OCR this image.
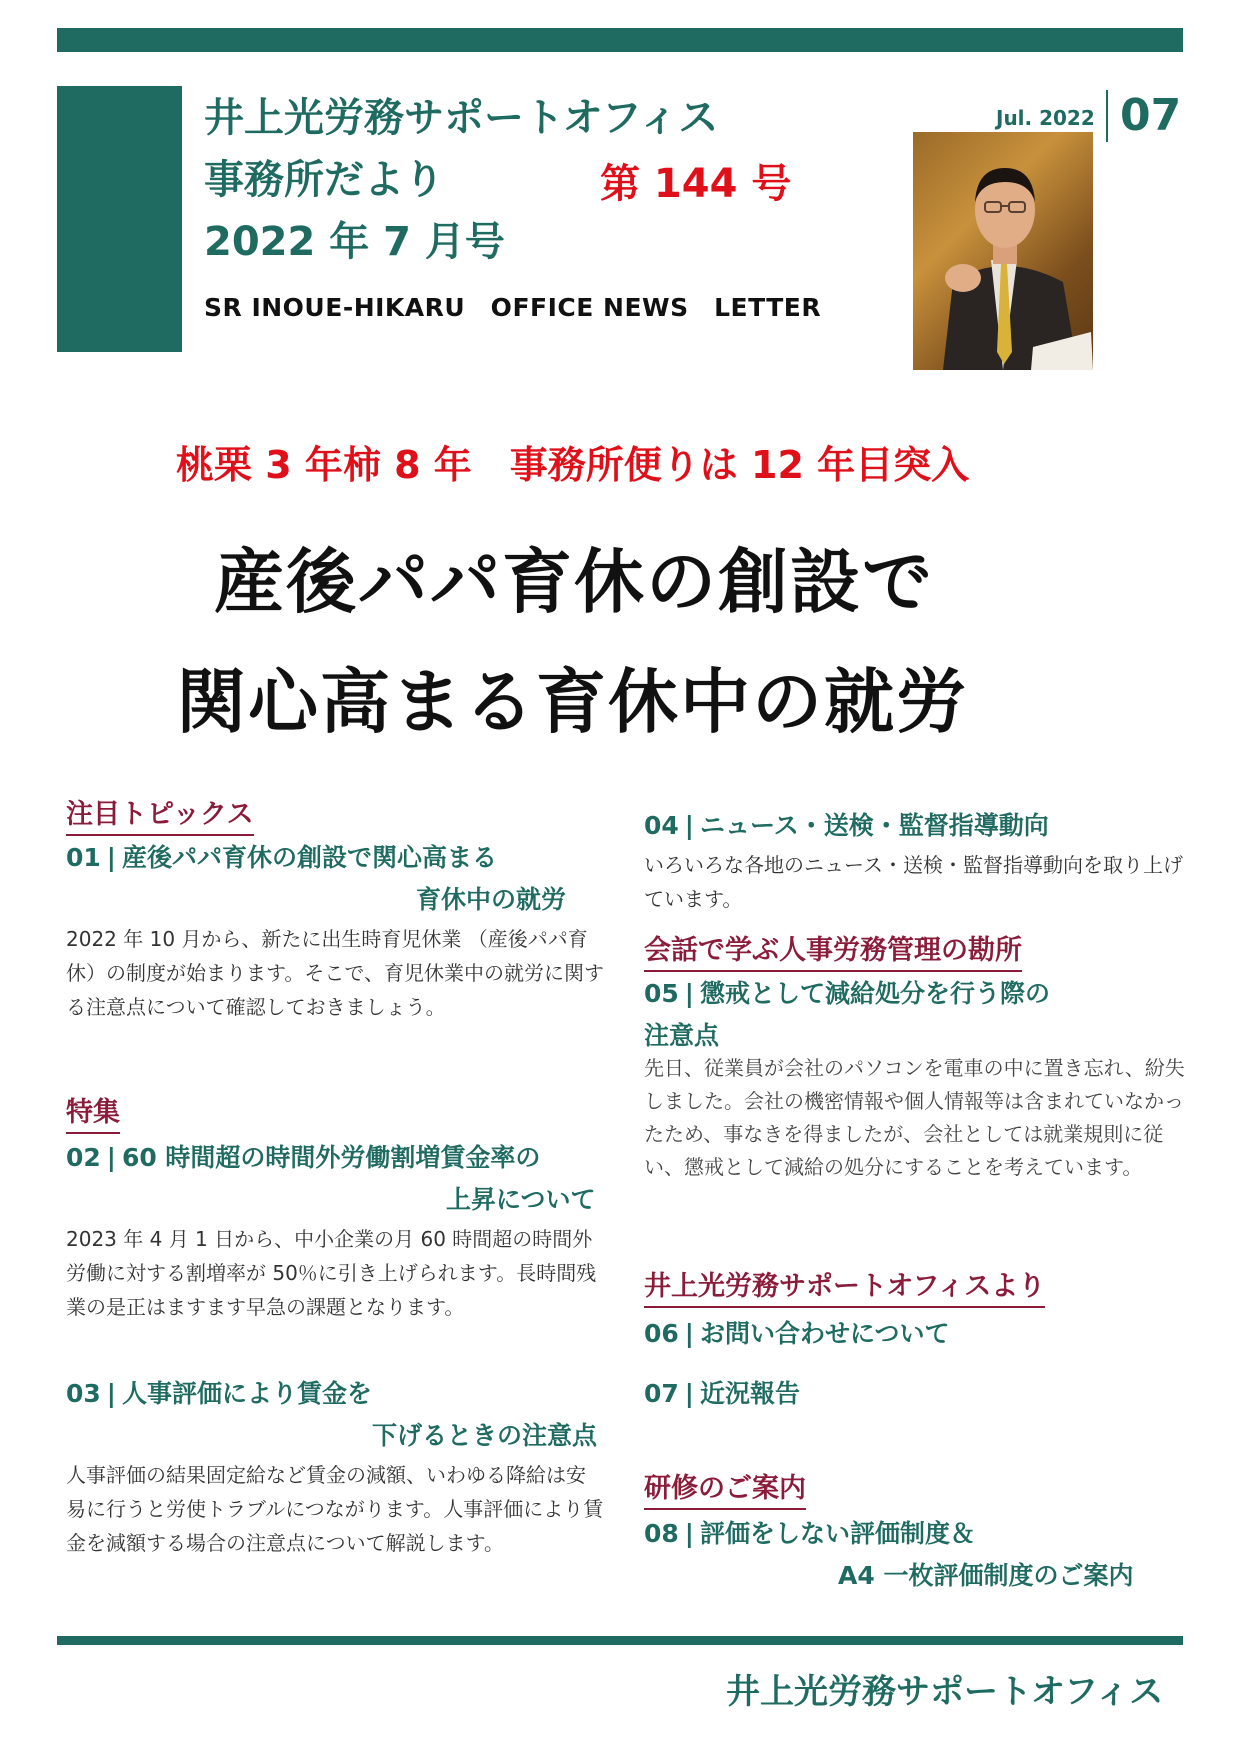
井上光労務サポートオフィス
事務所だより	第 144 号
2022 年 7 月号
SR INOUE-HIKARU　OFFICE NEWS　LETTER
Jul. 2022 07
桃栗 3 年柿 8 年　事務所便りは 12 年目突入
産後パパ育休の創設で
関心高まる育休中の就労
注目トピックス
01 | 産後パパ育休の創設で関心高まる
育休中の就労
2022 年 10 月から、新たに出生時育児休業 （産後パパ育休）の制度が始まります。そこで、育児休業中の就労に関する注意点について確認しておきましょう。
特集
02 | 60 時間超の時間外労働割増賃金率の
上昇について
2023 年 4 月 1 日から、中小企業の月 60 時間超の時間外労働に対する割増率が 50％に引き上げられます。長時間残業の是正はますます早急の課題となります。
03 | 人事評価により賃金を
下げるときの注意点
人事評価の結果固定給など賃金の減額、いわゆる降給は安易に行うと労使トラブルにつながります。人事評価により賃金を減額する場合の注意点について解説します。
04 | ニュース・送検・監督指導動向
いろいろな各地のニュース・送検・監督指導動向を取り上げています。
会話で学ぶ人事労務管理の勘所
05 | 懲戒として減給処分を行う際の
注意点
先日、従業員が会社のパソコンを電車の中に置き忘れ、紛失しました。会社の機密情報や個人情報等は含まれていなかったため、事なきを得ましたが、会社としては就業規則に従い、懲戒として減給の処分にすることを考えています。
井上光労務サポートオフィスより
06 | お問い合わせについて
07 | 近況報告
研修のご案内
08 | 評価をしない評価制度＆
A4 一枚評価制度のご案内
井上光労務サポートオフィス
